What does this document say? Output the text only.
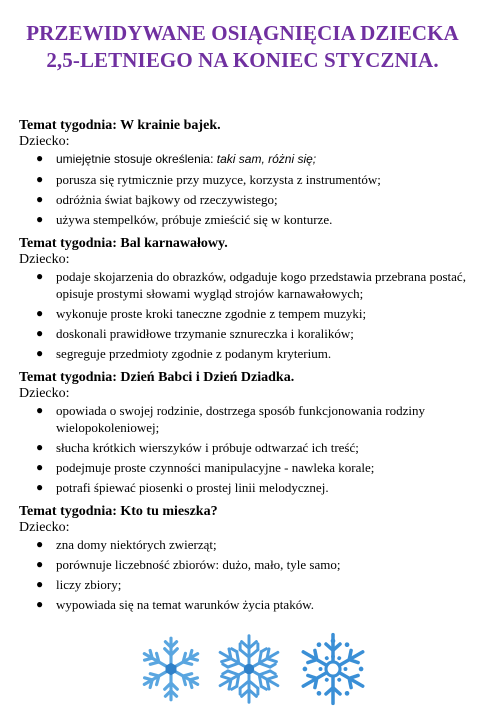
PRZEWIDYWANE OSIĄGNIĘCIA DZIECKA
2,5-LETNIEGO NA KONIEC STYCZNIA.

Temat tygodnia: W krainie bajek.

Dziecko:

● umiejętnie stosuje określenia: taki sam, różni się;
● porusza się rytmicznie przy muzyce, korzysta z instrumentów;
● odróżnia świat bajkowy od rzeczywistego;
● używa stempelków, próbuje zmieścić się w konturze.

Temat tygodnia: Bal karnawałowy.

Dziecko:

● podaje skojarzenia do obrazków, odgaduje kogo przedstawia przebrana postać, opisuje prostymi słowami wygląd strojów karnawałowych;
● wykonuje proste kroki taneczne zgodnie z tempem muzyki;
● doskonali prawidłowe trzymanie sznureczka i koralików;
● segreguje przedmioty zgodnie z podanym kryterium.

Temat tygodnia: Dzień Babci i Dzień Dziadka.

Dziecko:

● opowiada o swojej rodzinie, dostrzega sposób funkcjonowania rodziny wielopokoleniowej;
● słucha krótkich wierszyków i próbuje odtwarzać ich treść;
● podejmuje proste czynności manipulacyjne - nawleka korale;
● potrafi śpiewać piosenki o prostej linii melodycznej.

Temat tygodnia: Kto tu mieszka?

Dziecko:

● zna domy niektórych zwierząt;
● porównuje liczebność zbiorów: dużo, mało, tyle samo;
● liczy zbiory;
● wypowiada się na temat warunków życia ptaków.
